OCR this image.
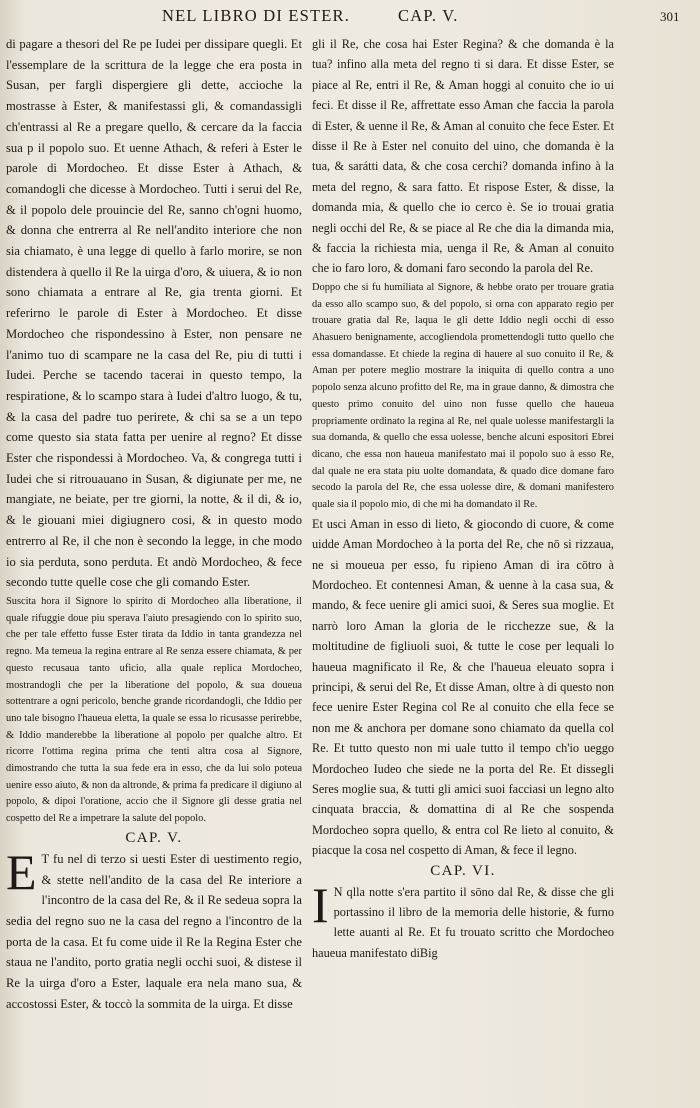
NEL LIBRO DI ESTER.	CAP. V.	301

di pagare a thesori del Re pe Iudei per dissipare quegli. Et l'essemplare de la scrittura de la legge che era posta in Susan, per fargli dispergiere gli dette, accioche la mostrasse à Ester, & manifestassi gli, & comandassigli ch'entrassi al Re a pregare quello, & cercare da la faccia sua p il popolo suo. Et uenne Athach, & referi à Ester le parole di Mordocheo. Et disse Ester à Athach, & comandogli che dicesse à Mordocheo. Tutti i serui del Re, & il popolo dele prouincie del Re, sanno ch'ogni huomo, & donna che entrerra al Re nell'andito interiore che non sia chiamato, è una legge di quello à farlo morire, se non distendera à quello il Re la uirga d'oro, & uiuera, & io non sono chiamata a entrare al Re, gia trenta giorni. Et referirno le parole di Ester à Mordocheo. Et disse Mordocheo che rispondessino à Ester, non pensare ne l'animo tuo di scampare ne la casa del Re, piu di tutti i Iudei. Perche se tacendo tacerai in questo tempo, la respiratione, & lo scampo stara à Iudei d'altro luogo, & tu, & la casa del padre tuo perirete, & chi sa se a un tepo come questo sia stata fatta per uenire al regno? Et disse Ester che rispondessi à Mordocheo. Va, & congrega tutti i Iudei che si ritrouauano in Susan, & digiunate per me, ne mangiate, ne beiate, per tre giorni, la notte, & il di, & io, & le giouani miei digiugnero cosi, & in questo modo entrerro al Re, il che non è secondo la legge, in che modo io sia perduta, sono perduta. Et andò Mordocheo, & fece secondo tutte quelle cose che gli comando Ester.

Suscita hora il Signore lo spirito di Mordocheo alla liberatione, il quale rifuggie doue piu sperava l'aiuto presagiendo con lo spirito suo, che per tale effetto fusse Ester tirata da Iddio in tanta grandezza nel regno. Ma temeua la regina entrare al Re senza essere chiamata, & per questo recusaua tanto uficio, alla quale replica Mordocheo, mostrandogli che per la liberatione del popolo, & sua doueua sottentrare a ogni pericolo, benche grande ricordandogli, che Iddio per uno tale bisogno l'haueua eletta, la quale se essa lo ricusasse perirebbe, & Iddio manderebbe la liberatione al popolo per qualche altro. Et ricorre l'ottima regina prima che tenti altra cosa al Signore, dimostrando che tutta la sua fede era in esso, che da lui solo poteua uenire esso aiuto, & non da altronde, & prima fa predicare il digiuno al popolo, & dipoi l'oratione, accio che il Signore gli desse gratia nel cospetto del Re a impetrare la salute del popolo.

CAP. V.

E T fu nel di terzo si uesti Ester di uestimento regio, & stette nell'andito de la casa del Re interiore a l'incontro de la casa del Re, & il Re sedeua sopra la sedia del regno suo ne la casa del regno a l'incontro de la porta de la casa. Et fu come uide il Re la Regina Ester che staua ne l'andito, porto gratia negli occhi suoi, & distese il Re la uirga d'oro a Ester, laquale era nela mano sua, & accostossi Ester, & toccò la sommita de la uirga. Et disse

gli il Re, che cosa hai Ester Regina? & che domanda è la tua? infino alla meta del regno ti si dara. Et disse Ester, se piace al Re, entri il Re, & Aman hoggi al conuito che io ui feci. Et disse il Re, affrettate esso Aman che faccia la parola di Ester, & uenne il Re, & Aman al conuito che fece Ester. Et disse il Re à Ester nel conuito del uino, che domanda è la tua, & sarátti data, & che cosa cerchi? domanda infino à la meta del regno, & sara fatto. Et rispose Ester, & disse, la domanda mia, & quello che io cerco è. Se io trouai gratia negli occhi del Re, & se piace al Re che dia la dimanda mia, & faccia la richiesta mia, uenga il Re, & Aman al conuito che io faro loro, & domani faro secondo la parola del Re.

Doppo che si fu humiliata al Signore, & hebbe orato per trouare gratia da esso allo scampo suo, & del popolo, si orna con apparato regio per trouare gratia dal Re, laqua le gli dette Iddio negli occhi di esso Ahasuero benignamente, accogliendola promettendogli tutto quello che essa domandasse. Et chiede la regina di hauere al suo conuito il Re, & Aman per potere meglio mostrare la iniquita di quello contra a uno popolo senza alcuno profitto del Re, ma in graue danno, & dimostra che questo primo conuito del uino non fusse quello che haueua propriamente ordinato la regina al Re, nel quale uolesse manifestargli la sua domanda, & quello che essa uolesse, benche alcuni espositori Ebrei dicano, che essa non haueua manifestato mai il popolo suo à esso Re, dal quale ne era stata piu uolte domandata, & quado dice domane faro secodo la parola del Re, che essa uolesse dire, & domani manifestero quale sia il popolo mio, di che mi ha domandato il Re.

Et usci Aman in esso di lieto, & giocondo di cuore, & come uidde Aman Mordocheo à la porta del Re, che nō si rizzaua, ne si moueua per esso, fu ripieno Aman di ira cōtro à Mordocheo. Et contennesi Aman, & uenne à la casa sua, & mando, & fece uenire gli amici suoi, & Seres sua moglie. Et narrò loro Aman la gloria de le ricchezze sue, & la moltitudine de figliuoli suoi, & tutte le cose per lequali lo haueua magnificato il Re, & che l'haueua eleuato sopra i principi, & serui del Re, Et disse Aman, oltre à di questo non fece uenire Ester Regina col Re al conuito che ella fece se non me & anchora per domane sono chiamato da quella col Re. Et tutto questo non mi uale tutto il tempo ch'io ueggo Mordocheo Iudeo che siede ne la porta del Re. Et dissegli Seres moglie sua, & tutti gli amici suoi facciasi un legno alto cinquata braccia, & domattina di al Re che sospenda Mordocheo sopra quello, & entra col Re lieto al conuito, & piacque la cosa nel cospetto di Aman, & fece il legno.

CAP. VI.

I N qlla notte s'era partito il sōno dal Re, & disse che gli portassino il libro de la memoria delle historie, & furno lette auanti al Re. Et fu trouato scritto che Mordocheo haueua manifestato diBig
